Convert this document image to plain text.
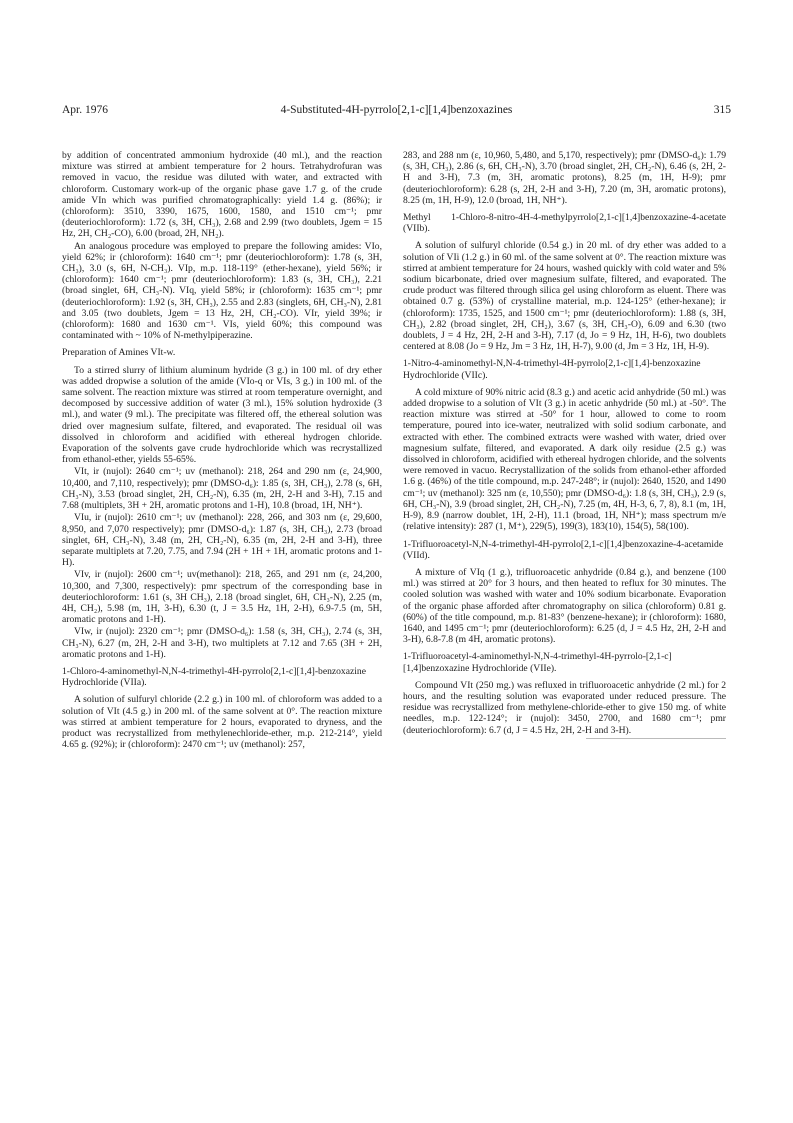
Apr. 1976	4-Substituted-4H-pyrrolo[2,1-c][1,4]benzoxazines	315

by addition of concentrated ammonium hydroxide (40 ml.), and the reaction mixture was stirred at ambient temperature for 2 hours. Tetrahydrofuran was removed in vacuo, the residue was diluted with water, and extracted with chloroform. Customary work-up of the organic phase gave 1.7 g. of the crude amide VIn which was purified chromatographically: yield 1.4 g. (86%); ir (chloroform): 3510, 3390, 1675, 1600, 1580, and 1510 cm⁻¹; pmr (deuteriochloroform): 1.72 (s, 3H, CH₃), 2.68 and 2.99 (two doublets, Jgem = 15 Hz, 2H, CH₂-CO), 6.00 (broad, 2H, NH₂).

An analogous procedure was employed to prepare the following amides: VIo, yield 62%; ir (chloroform): 1640 cm⁻¹; pmr (deuteriochloroform): 1.78 (s, 3H, CH₃), 3.0 (s, 6H, N-CH₃). VIp, m.p. 118-119° (ether-hexane), yield 56%; ir (chloroform): 1640 cm⁻¹; pmr (deuteriochloroform): 1.83 (s, 3H, CH₃), 2.21 (broad singlet, 6H, CH₃-N). VIq, yield 58%; ir (chloroform): 1635 cm⁻¹; pmr (deuteriochloroform): 1.92 (s, 3H, CH₃), 2.55 and 2.83 (singlets, 6H, CH₃-N), 2.81 and 3.05 (two doublets, Jgem = 13 Hz, 2H, CH₂-CO). VIr, yield 39%; ir (chloroform): 1680 and 1630 cm⁻¹. VIs, yield 60%; this compound was contaminated with ~ 10% of N-methylpiperazine.

Preparation of Amines VIt-w.

To a stirred slurry of lithium aluminum hydride (3 g.) in 100 ml. of dry ether was added dropwise a solution of the amide (VIo-q or VIs, 3 g.) in 100 ml. of the same solvent. The reaction mixture was stirred at room temperature overnight, and decomposed by successive addition of water (3 ml.), 15% solution hydroxide (3 ml.), and water (9 ml.). The precipitate was filtered off, the ethereal solution was dried over magnesium sulfate, filtered, and evaporated. The residual oil was dissolved in chloroform and acidified with ethereal hydrogen chloride. Evaporation of the solvents gave crude hydrochloride which was recrystallized from ethanol-ether, yields 55-65%.

VIt, ir (nujol): 2640 cm⁻¹; uv (methanol): 218, 264 and 290 nm (ε, 24,900, 10,400, and 7,110, respectively); pmr (DMSO-d₆): 1.85 (s, 3H, CH₃), 2.78 (s, 6H, CH₃-N), 3.53 (broad singlet, 2H, CH₂-N), 6.35 (m, 2H, 2-H and 3-H), 7.15 and 7.68 (multiplets, 3H + 2H, aromatic protons and 1-H), 10.8 (broad, 1H, NH⁺).

VIu, ir (nujol): 2610 cm⁻¹; uv (methanol): 228, 266, and 303 nm (ε, 29,600, 8,950, and 7,070 respectively); pmr (DMSO-d₆): 1.87 (s, 3H, CH₃), 2.73 (broad singlet, 6H, CH₃-N), 3.48 (m, 2H, CH₂-N), 6.35 (m, 2H, 2-H and 3-H), three separate multiplets at 7.20, 7.75, and 7.94 (2H + 1H + 1H, aromatic protons and 1-H).

VIv, ir (nujol): 2600 cm⁻¹; uv(methanol): 218, 265, and 291 nm (ε, 24,200, 10,300, and 7,300, respectively): pmr spectrum of the corresponding base in deuteriochloroform: 1.61 (s, 3H CH₃), 2.18 (broad singlet, 6H, CH₃-N), 2.25 (m, 4H, CH₂), 5.98 (m, 1H, 3-H), 6.30 (t, J = 3.5 Hz, 1H, 2-H), 6.9-7.5 (m, 5H, aromatic protons and 1-H).

VIw, ir (nujol): 2320 cm⁻¹; pmr (DMSO-d₆): 1.58 (s, 3H, CH₃), 2.74 (s, 3H, CH₃-N), 6.27 (m, 2H, 2-H and 3-H), two multiplets at 7.12 and 7.65 (3H + 2H, aromatic protons and 1-H).

1-Chloro-4-aminomethyl-N,N-4-trimethyl-4H-pyrrolo[2,1-c][1,4]-benzoxazine Hydrochloride (VIIa).

A solution of sulfuryl chloride (2.2 g.) in 100 ml. of chloroform was added to a solution of VIt (4.5 g.) in 200 ml. of the same solvent at 0°. The reaction mixture was stirred at ambient temperature for 2 hours, evaporated to dryness, and the product was recrystallized from methylenechloride-ether, m.p. 212-214°, yield 4.65 g. (92%); ir (chloroform): 2470 cm⁻¹; uv (methanol): 257,

283, and 288 nm (ε, 10,960, 5,480, and 5,170, respectively); pmr (DMSO-d₆): 1.79 (s, 3H, CH₃), 2.86 (s, 6H, CH₃-N), 3.70 (broad singlet, 2H, CH₂-N), 6.46 (s, 2H, 2-H and 3-H), 7.3 (m, 3H, aromatic protons), 8.25 (m, 1H, H-9); pmr (deuteriochloroform): 6.28 (s, 2H, 2-H and 3-H), 7.20 (m, 3H, aromatic protons), 8.25 (m, 1H, H-9), 12.0 (broad, 1H, NH⁺).

Methyl 1-Chloro-8-nitro-4H-4-methylpyrrolo[2,1-c][1,4]benzoxazine-4-acetate (VIIb).

A solution of sulfuryl chloride (0.54 g.) in 20 ml. of dry ether was added to a solution of VIi (1.2 g.) in 60 ml. of the same solvent at 0°. The reaction mixture was stirred at ambient temperature for 24 hours, washed quickly with cold water and 5% sodium bicarbonate, dried over magnesium sulfate, filtered, and evaporated. The crude product was filtered through silica gel using chloroform as eluent. There was obtained 0.7 g. (53%) of crystalline material, m.p. 124-125° (ether-hexane); ir (chloroform): 1735, 1525, and 1500 cm⁻¹; pmr (deuteriochloroform): 1.88 (s, 3H, CH₃), 2.82 (broad singlet, 2H, CH₂), 3.67 (s, 3H, CH₃-O), 6.09 and 6.30 (two doublets, J = 4 Hz, 2H, 2-H and 3-H), 7.17 (d, Jo = 9 Hz, 1H, H-6), two doublets centered at 8.08 (Jo = 9 Hz, Jm = 3 Hz, 1H, H-7), 9.00 (d, Jm = 3 Hz, 1H, H-9).

1-Nitro-4-aminomethyl-N,N-4-trimethyl-4H-pyrrolo[2,1-c][1,4]-benzoxazine Hydrochloride (VIIc).

A cold mixture of 90% nitric acid (8.3 g.) and acetic acid anhydride (50 ml.) was added dropwise to a solution of VIt (3 g.) in acetic anhydride (50 ml.) at -50°. The reaction mixture was stirred at -50° for 1 hour, allowed to come to room temperature, poured into ice-water, neutralized with solid sodium carbonate, and extracted with ether. The combined extracts were washed with water, dried over magnesium sulfate, filtered, and evaporated. A dark oily residue (2.5 g.) was dissolved in chloroform, acidified with ethereal hydrogen chloride, and the solvents were removed in vacuo. Recrystallization of the solids from ethanol-ether afforded 1.6 g. (46%) of the title compound, m.p. 247-248°; ir (nujol): 2640, 1520, and 1490 cm⁻¹; uv (methanol): 325 nm (ε, 10,550); pmr (DMSO-d₆): 1.8 (s, 3H, CH₃), 2.9 (s, 6H, CH₃-N), 3.9 (broad singlet, 2H, CH₂-N), 7.25 (m, 4H, H-3, 6, 7, 8), 8.1 (m, 1H, H-9), 8.9 (narrow doublet, 1H, 2-H), 11.1 (broad, 1H, NH⁺); mass spectrum m/e (relative intensity): 287 (1, M⁺), 229(5), 199(3), 183(10), 154(5), 58(100).

1-Trifluoroacetyl-N,N-4-trimethyl-4H-pyrrolo[2,1-c][1,4]benzoxazine-4-acetamide (VIId).

A mixture of VIq (1 g.), trifluoroacetic anhydride (0.84 g.), and benzene (100 ml.) was stirred at 20° for 3 hours, and then heated to reflux for 30 minutes. The cooled solution was washed with water and 10% sodium bicarbonate. Evaporation of the organic phase afforded after chromatography on silica (chloroform) 0.81 g. (60%) of the title compound, m.p. 81-83° (benzene-hexane); ir (chloroform): 1680, 1640, and 1495 cm⁻¹; pmr (deuteriochloroform): 6.25 (d, J = 4.5 Hz, 2H, 2-H and 3-H), 6.8-7.8 (m 4H, aromatic protons).

1-Trifluoroacetyl-4-aminomethyl-N,N-4-trimethyl-4H-pyrrolo-[2,1-c][1,4]benzoxazine Hydrochloride (VIIe).

Compound VIt (250 mg.) was refluxed in trifluoroacetic anhydride (2 ml.) for 2 hours, and the resulting solution was evaporated under reduced pressure. The residue was recrystallized from methylene-chloride-ether to give 150 mg. of white needles, m.p. 122-124°; ir (nujol): 3450, 2700, and 1680 cm⁻¹; pmr (deuteriochloroform): 6.7 (d, J = 4.5 Hz, 2H, 2-H and 3-H).
